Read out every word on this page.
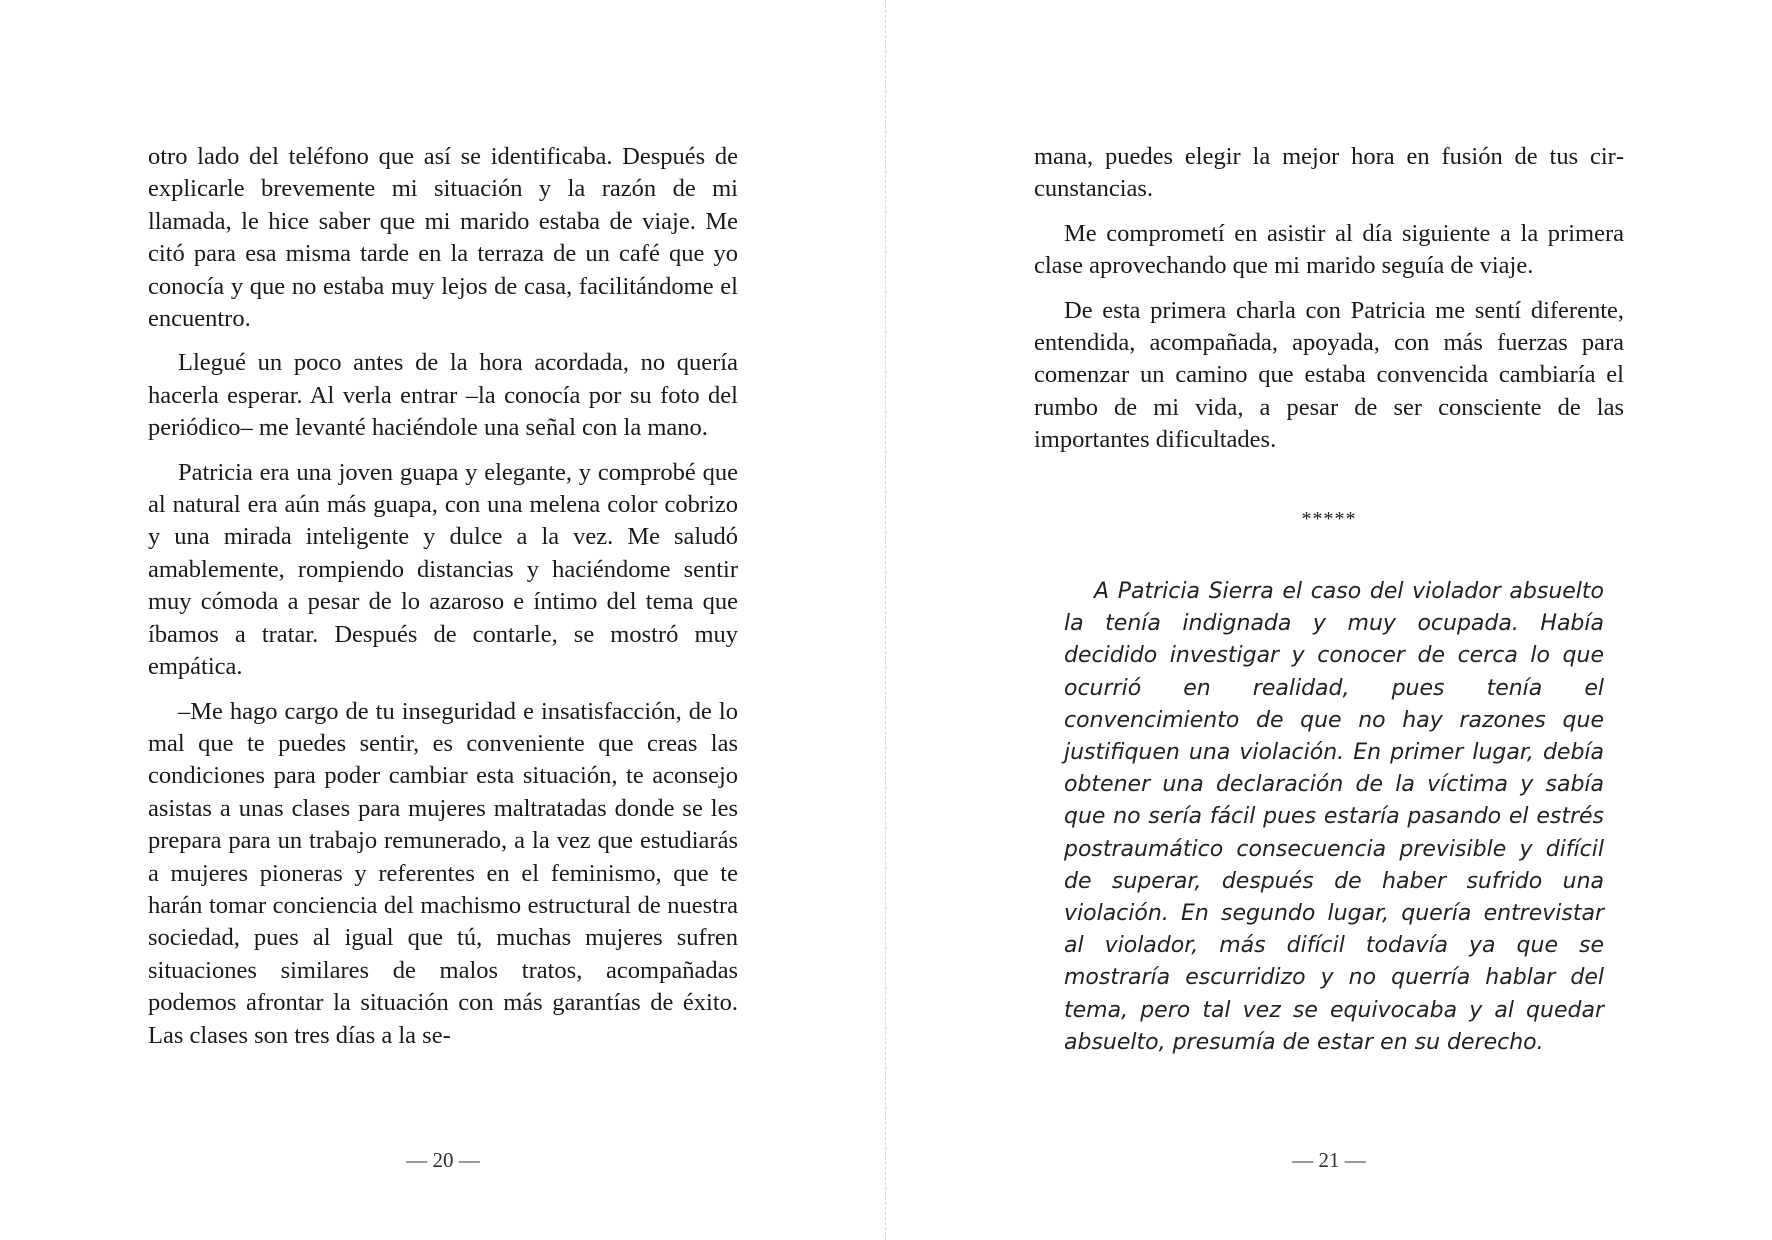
otro lado del teléfono que así se identificaba. Después de explicarle brevemente mi situación y la razón de mi llamada, le hice saber que mi marido estaba de viaje. Me citó para esa misma tarde en la terraza de un café que yo conocía y que no estaba muy lejos de casa, facilitándome el encuentro.

Llegué un poco antes de la hora acordada, no quería hacerla esperar. Al verla entrar –la conocía por su foto del periódico– me levanté haciéndole una señal con la mano.

Patricia era una joven guapa y elegante, y comprobé que al natural era aún más guapa, con una melena color cobrizo y una mirada inteligente y dulce a la vez. Me saludó amablemente, rompiendo distancias y haciéndome sentir muy cómoda a pesar de lo azaroso e íntimo del tema que íbamos a tratar. Después de contarle, se mostró muy empática.

–Me hago cargo de tu inseguridad e insatisfacción, de lo mal que te puedes sentir, es conveniente que creas las condiciones para poder cambiar esta situación, te aconsejo asistas a unas clases para mujeres maltratadas donde se les prepara para un trabajo remunerado, a la vez que estudiarás a mujeres pioneras y referentes en el feminismo, que te harán tomar conciencia del machismo estructural de nuestra sociedad, pues al igual que tú, muchas mujeres sufren situaciones similares de malos tratos, acompañadas podemos afrontar la situación con más garantías de éxito. Las clases son tres días a la se-

— 20 —

mana, puedes elegir la mejor hora en fusión de tus circunstancias.

Me comprometí en asistir al día siguiente a la primera clase aprovechando que mi marido seguía de viaje.

De esta primera charla con Patricia me sentí diferente, entendida, acompañada, apoyada, con más fuerzas para comenzar un camino que estaba convencida cambiaría el rumbo de mi vida, a pesar de ser consciente de las importantes dificultades.

*****

A Patricia Sierra el caso del violador absuelto la tenía indignada y muy ocupada. Había decidido investigar y conocer de cerca lo que ocurrió en realidad, pues tenía el convencimiento de que no hay razones que justifiquen una violación. En primer lugar, debía obtener una declaración de la víctima y sabía que no sería fácil pues estaría pasando el estrés postraumático consecuencia previsible y difícil de superar, después de haber sufrido una violación. En segundo lugar, quería entrevistar al violador, más difícil todavía ya que se mostraría escurridizo y no querría hablar del tema, pero tal vez se equivocaba y al quedar absuelto, presumía de estar en su derecho.

— 21 —
